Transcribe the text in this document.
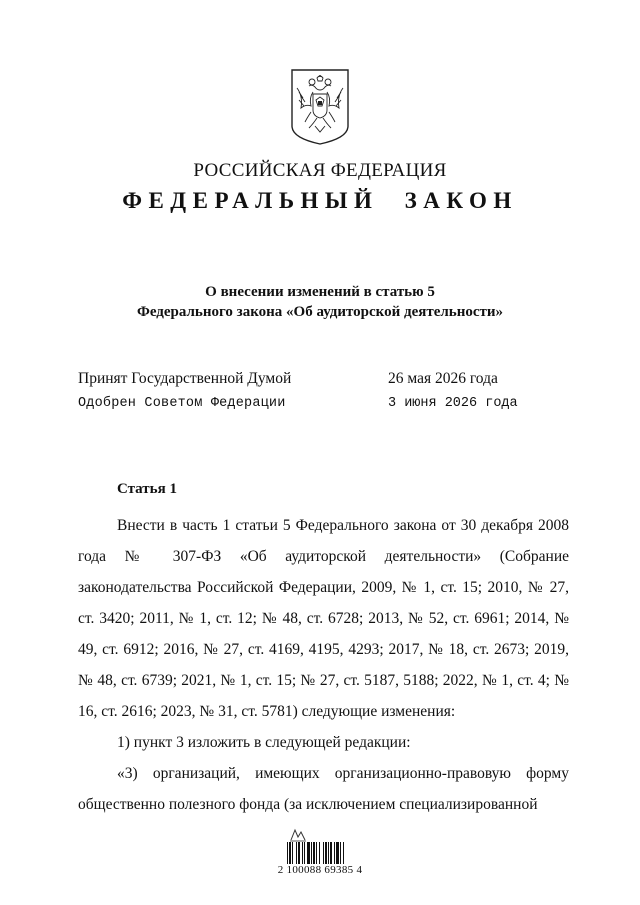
РОССИЙСКАЯ ФЕДЕРАЦИЯ
ФЕДЕРАЛЬНЫЙ ЗАКОН
О внесении изменений в статью 5
Федерального закона «Об аудиторской деятельности»
Принят Государственной Думой	26 мая 2026 года
Одобрен Советом Федерации	3 июня 2026 года
Статья 1

Внести в часть 1 статьи 5 Федерального закона от 30 декабря 2008 года № 307-ФЗ «Об аудиторской деятельности» (Собрание законодательства Российской Федерации, 2009, № 1, ст. 15; 2010, № 27, ст. 3420; 2011, № 1, ст. 12; № 48, ст. 6728; 2013, № 52, ст. 6961; 2014, № 49, ст. 6912; 2016, № 27, ст. 4169, 4195, 4293; 2017, № 18, ст. 2673; 2019, № 48, ст. 6739; 2021, № 1, ст. 15; № 27, ст. 5187, 5188; 2022, № 1, ст. 4; № 16, ст. 2616; 2023, № 31, ст. 5781) следующие изменения:

1) пункт 3 изложить в следующей редакции:

«3) организаций, имеющих организационно-правовую форму общественно полезного фонда (за исключением специализированной

2 100088 69385 4
